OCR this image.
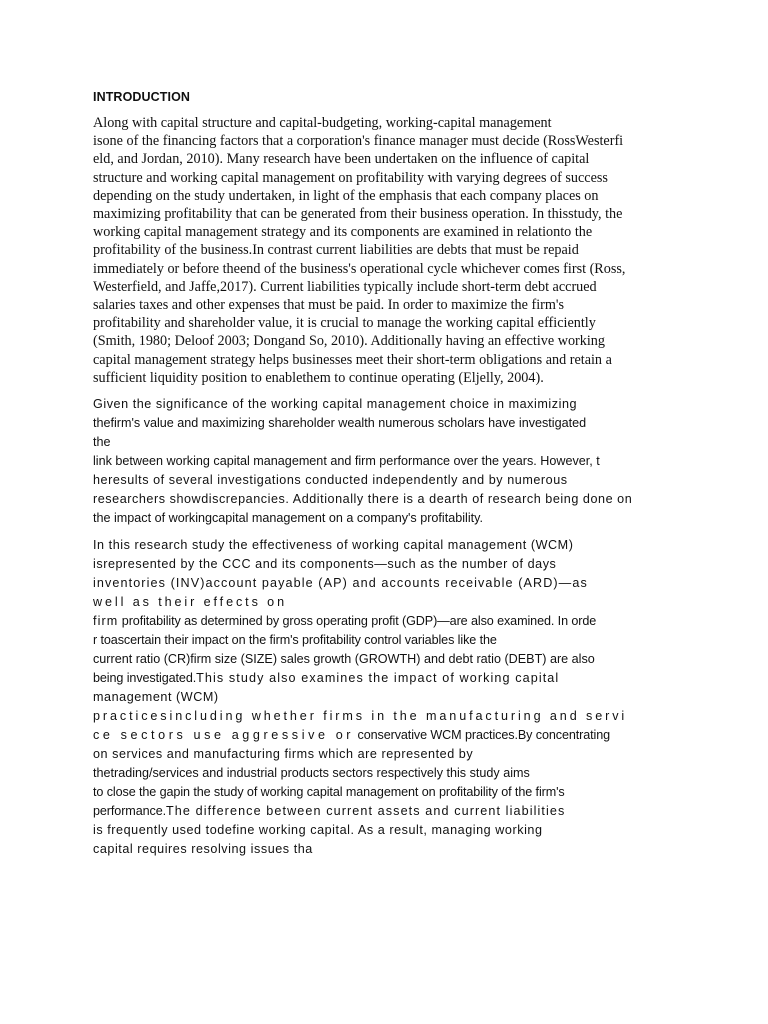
INTRODUCTION
Along with capital structure and capital-budgeting, working-capital management
isone of the financing factors that a corporation's finance manager must decide (RossWesterfi
eld, and Jordan, 2010). Many research have been undertaken on the influence of capital
structure and working capital management on profitability with varying degrees of success
depending on the study undertaken, in light of the emphasis that each company places on
maximizing profitability that can be generated from their business operation. In thisstudy, the
working capital management strategy and its components are examined in relationto the
profitability of the business.In contrast current liabilities are debts that must be repaid
immediately or before theend of the business's operational cycle whichever comes first (Ross,
Westerfield, and Jaffe,2017). Current liabilities typically include short-term debt accrued
salaries taxes and other expenses that must be paid. In order to maximize the firm's
profitability and shareholder value, it is crucial to manage the working capital efficiently
(Smith, 1980; Deloof 2003; Dongand So, 2010). Additionally having an effective working
capital management strategy helps businesses meet their short-term obligations and retain a
sufficient liquidity position to enablethem to continue operating (Eljelly, 2004).
Given the significance of the working capital management choice in maximizing
thefirm's value and maximizing shareholder wealth numerous scholars have investigated
the
link between working capital management and firm performance over the years. However, t
heresults of several investigations conducted independently and by numerous
researchers showdiscrepancies. Additionally there is a dearth of research being done on
the impact of workingcapital management on a company's profitability.
In this research study the effectiveness of working capital management (WCM)
isrepresented by the CCC and its components—such as the number of days
inventories (INV)account payable (AP) and accounts receivable (ARD)—as
well as their effects on
firm profitability as determined by gross operating profit (GDP)—are also examined. In orde
r toascertain their impact on the firm's profitability control variables like the
current ratio (CR)firm size (SIZE) sales growth (GROWTH) and debt ratio (DEBT) are also
being investigated.This study also examines the impact of working capital
management (WCM)
practicesincluding whether firms in the manufacturing and servi
ce sectors use aggressive or conservative WCM practices.By concentrating
on services and manufacturing firms which are represented by
thetrading/services and industrial products sectors respectively this study aims
to close the gapin the study of working capital management on profitability of the firm's
performance.The difference between current assets and current liabilities
is frequently used todefine working capital. As a result, managing working
capital requires resolving issues tha
